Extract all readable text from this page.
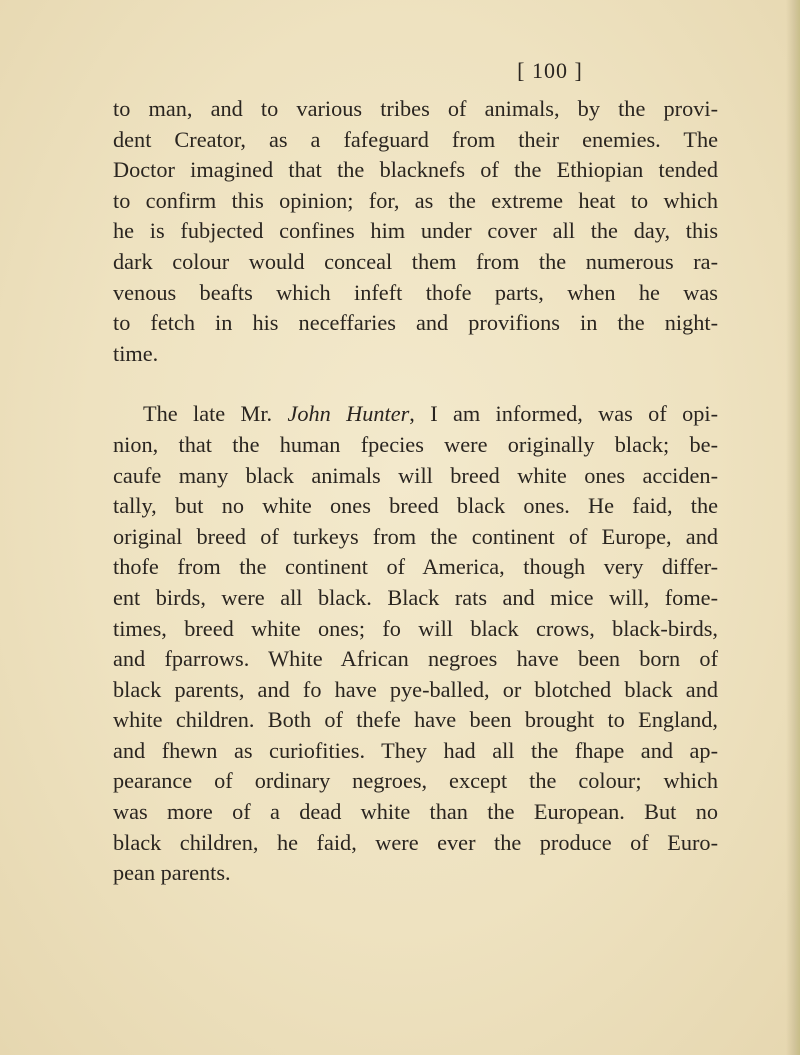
[ 100 ]

to man, and to various tribes of animals, by the provi-
dent Creator, as a fafeguard from their enemies. The
Doctor imagined that the blacknefs of the Ethiopian tended
to confirm this opinion; for, as the extreme heat to which
he is fubjected confines him under cover all the day, this
dark colour would conceal them from the numerous ra-
venous beafts which infeft thofe parts, when he was
to fetch in his neceffaries and provifions in the night-
time.

The late Mr. John Hunter, I am informed, was of opi-
nion, that the human fpecies were originally black; be-
caufe many black animals will breed white ones acciden-
tally, but no white ones breed black ones. He faid, the
original breed of turkeys from the continent of Europe, and
thofe from the continent of America, though very differ-
ent birds, were all black. Black rats and mice will, fome-
times, breed white ones; fo will black crows, black-birds,
and fparrows. White African negroes have been born of
black parents, and fo have pye-balled, or blotched black and
white children. Both of thefe have been brought to England,
and fhewn as curiofities. They had all the fhape and ap-
pearance of ordinary negroes, except the colour; which
was more of a dead white than the European. But no
black children, he faid, were ever the produce of Euro-
pean parents.
